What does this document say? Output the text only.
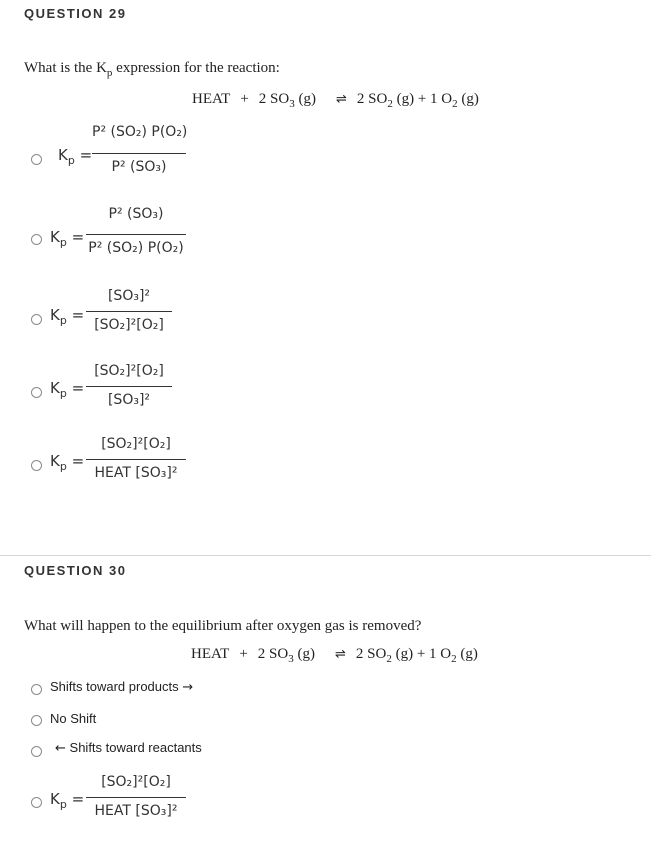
QUESTION 29
What is the $K_p$ expression for the reaction:
HEAT + 2 $SO_3$ (g) ⇌ 2 $SO_2$ (g) + 1 $O_2$ (g)
$K_p$ =
P² (SO₂) P(O₂)
P² (SO₃)
$K_p$ =
P² (SO₃)
P² (SO₂) P(O₂)
$K_p$ =
[SO₃]²
[SO₂]²[O₂]
$K_p$ =
[SO₂]²[O₂]
[SO₃]²
$K_p$ =
[SO₂]²[O₂]
HEAT [SO₃]²
QUESTION 30
What will happen to the equilibrium after oxygen gas is removed?
HEAT + 2 $SO_3$ (g) ⇌ 2 $SO_2$ (g) + 1 $O_2$ (g)
Shifts toward products →
No Shift
← Shifts toward reactants
$K_p$ =
[SO₂]²[O₂]
HEAT [SO₃]²
